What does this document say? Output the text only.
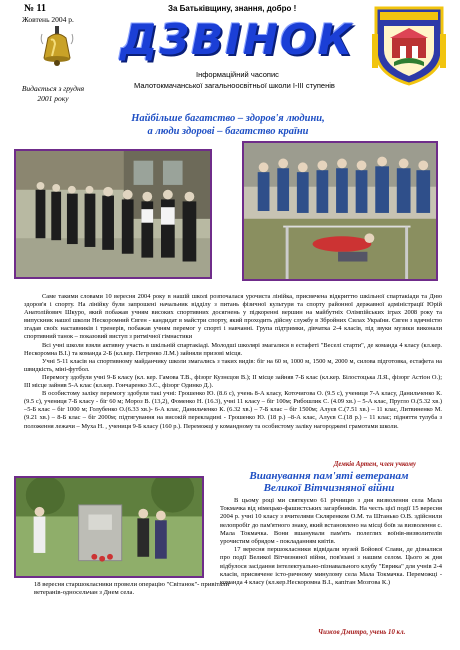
№ 11
Жовтень 2004 р.
За Батьківщину, знання, добро !
ДЗВІНОК
Видається з грудня 2001 року
Інформаційний часопис
Малотокмачанської загальноосвітньої школи І-ІІІ ступенів
Найбільше багатство – здоров'я людини,
а люди здорові – багатство країни

Саме такими словами 10 вересня 2004 року в нашій школі розпочалася урочиста лінійка, присвячена відкриттю шкільної спартакіади та Дню здоров'я і спорту. На лінійку були запрошені начальник відділу з питань фізичної культури та спорту районної державної адміністрації Юрій Анатолійович Шкуро, який побажав учням високих спортивних досягнень у підкоренні вершин на майбутніх Олімпійських іграх 2008 року та випускник нашої школи Нескоромний Євген - кандидат в майстри спорту, який проходить дійсну службу в Збройних Силах України. Євген з вдячністю згадав своїх наставників і тренерів, побажав учням перемог у спорті і навчанні. Група підтримки, дівчатка 2-4 класів, під звуки музики виконали спортивний танок – показовий виступ з ритмічної гімнастики

Всі учні школи взяли активну участь в шкільній спартакіаді. Молодші школярі змагалися в естафеті "Веселі старти", де команда 4 класу (кл.кер. Нескоромна В.І.) та команда 2-Б (кл.кер. Петренко Л.М.) зайняли призові місця.

Учні 5-11 класів на спортивному майданчику школи змагались з таких видів: біг на 60 м, 1000 м, 1500 м, 2000 м, силова підготовка, естафета на швидкість, міні-футбол.

Перемогу здобули учні 9-Б класу (кл. кер. Гамова Т.В., фізорг Кузнєцов В.); ІІ місце зайняв 7-Б клас (кл.кер. Білостоцька Л.Я., фізорг Астіон О.); ІІІ місце зайняв 5-А клас (кл.кер. Гончаренко З.С., фізорг Одинко Д.).

В особистому заліку перемогу здобули такі учні: Грошенко Ю. (8.6 с), учень 8-А класу, Коточигова О. (9.5 с), учениця 7-А класу, Данильченко К.(9.5 с), учениця 7-Б класу - біг 60 м; Мороз В. (13,2), Фоменко Н. (16.3), учні 11 класу – біг 100м; Рибошлик С. (4.09 хв.) – 5-А клас, Пругло О.(5.32 хв.) –5-Б клас – біг 1000 м; Голубенко О.(6.33 хв.)- 6-А клас, Данильченко К. (6.32 хв.) – 7-Б клас – біг 1500м; Алуєв С.(7.51 хв.) – 11 клас, Литвиненко М.(9.21 хв.) – 8-Б клас – біг 2000м; підтягування на високій перекладині - Грошенко Ю. (18 р.) –8-А клас, Алуєв С.(18 р.) – 11 клас; підняття тулуба з положення лежачи – Муха Н. , учениця 9-Б класу (160 р.). Переможці у командному та особистому заліку нагороджені грамотами школи.

Демків Артем, член учкому
Вшанування пам'яті ветеранам
Великої Вітчизняної війни

В цьому році ми святкуємо 61 річницю з дня визволення села Мала Токмачка від німецько-фашистських загарбників. На честь цієї події 15 вересня 2004 р. учні 10 класу з вчителями Скляренком О.М. та Штанько О.В. здійснили велопробіг до пам'ятного знаку, який встановлено на місці боїв за визволення с. Мала Токмачка. Вони вшанували пам'ять полеглих воїнів-визволителів урочистим обрядом - покладанням квітів.

17 вересня першокласники відвідали музей Бойової Слави, де дізналися про події Великої Вітчизняної війни, пов'язані з нашим селом. Цього ж дня відбулося засідання інтелектуально-пізнавального клубу "Еврика" для учнів 2-4 класів, присвячене істо-ричному минулому села Мала Токмачка. Переможці - команда 4 класу (кл.кер.Нескоромна В.І., капітан Мозгова К.)

18 вересня старшокласники провели операцію "Світанок"- привітали ветеранів-односельчан з Днем села.
Чижов Дмитро, учень 10 кл.
